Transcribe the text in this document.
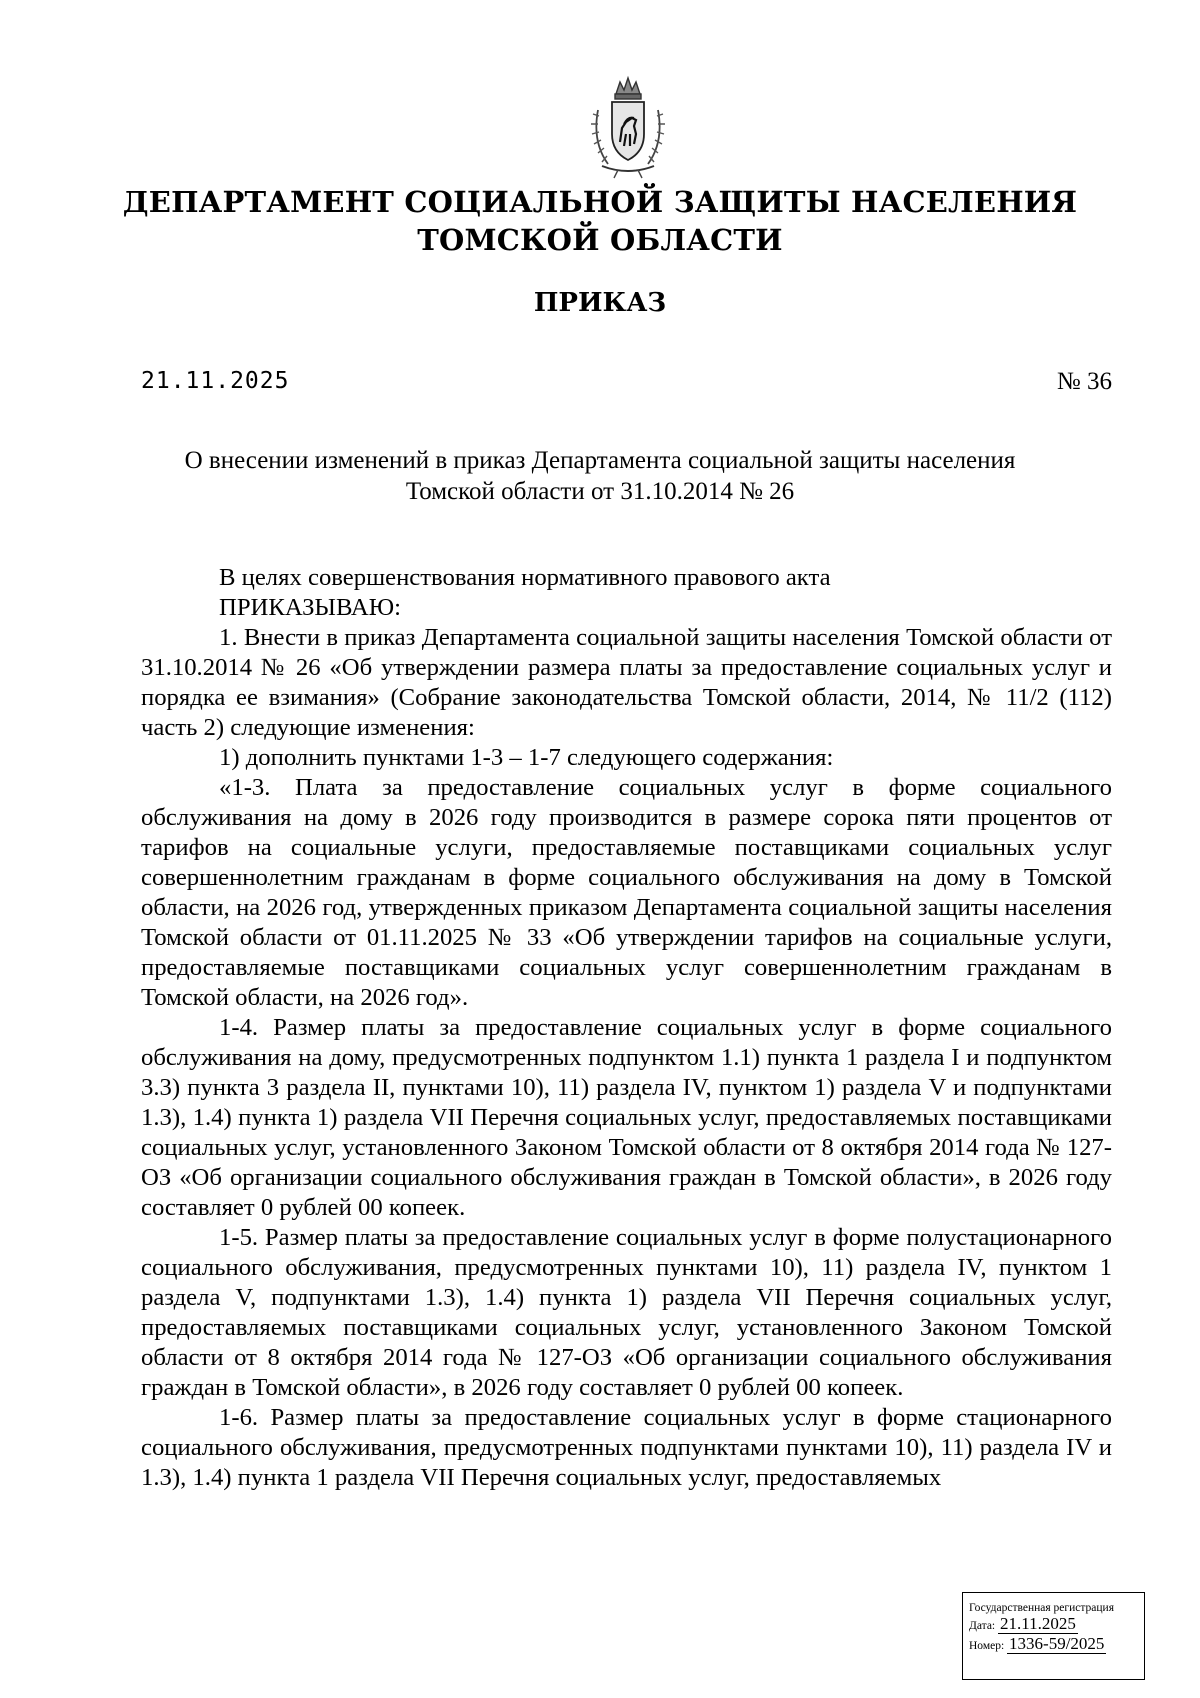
ДЕПАРТАМЕНТ СОЦИАЛЬНОЙ ЗАЩИТЫ НАСЕЛЕНИЯ
ТОМСКОЙ ОБЛАСТИ
ПРИКАЗ
21.11.2025	№ 36
О внесении изменений в приказ Департамента социальной защиты населения
Томской области от 31.10.2014 № 26

В целях совершенствования нормативного правового акта

ПРИКАЗЫВАЮ:

1. Внести в приказ Департамента социальной защиты населения Томской области от 31.10.2014 № 26 «Об утверждении размера платы за предоставление социальных услуг и порядка ее взимания» (Собрание законодательства Томской области, 2014, № 11/2 (112) часть 2) следующие изменения:

1) дополнить пунктами 1-3 – 1-7 следующего содержания:

«1-3. Плата за предоставление социальных услуг в форме социального обслуживания на дому в 2026 году производится в размере сорока пяти процентов от тарифов на социальные услуги, предоставляемые поставщиками социальных услуг совершеннолетним гражданам в форме социального обслуживания на дому в Томской области, на 2026 год, утвержденных приказом Департамента социальной защиты населения Томской области от 01.11.2025 № 33 «Об утверждении тарифов на социальные услуги, предоставляемые поставщиками социальных услуг совершеннолетним гражданам в Томской области, на 2026 год».

1-4. Размер платы за предоставление социальных услуг в форме социального обслуживания на дому, предусмотренных подпунктом 1.1) пункта 1 раздела I и подпунктом 3.3) пункта 3 раздела II, пунктами 10), 11) раздела IV, пунктом 1) раздела V и подпунктами 1.3), 1.4) пункта 1) раздела VII Перечня социальных услуг, предоставляемых поставщиками социальных услуг, установленного Законом Томской области от 8 октября 2014 года № 127-ОЗ «Об организации социального обслуживания граждан в Томской области», в 2026 году составляет 0 рублей 00 копеек.

1-5. Размер платы за предоставление социальных услуг в форме полустационарного социального обслуживания, предусмотренных пунктами 10), 11) раздела IV, пунктом 1 раздела V, подпунктами 1.3), 1.4) пункта 1) раздела VII Перечня социальных услуг, предоставляемых поставщиками социальных услуг, установленного Законом Томской области от 8 октября 2014 года № 127-ОЗ «Об организации социального обслуживания граждан в Томской области», в 2026 году составляет 0 рублей 00 копеек.

1-6. Размер платы за предоставление социальных услуг в форме стационарного социального обслуживания, предусмотренных подпунктами пунктами 10), 11) раздела IV и 1.3), 1.4) пункта 1 раздела VII Перечня социальных услуг, предоставляемых

Государственная регистрация
Дата: 21.11.2025
Номер: 1336-59/2025
